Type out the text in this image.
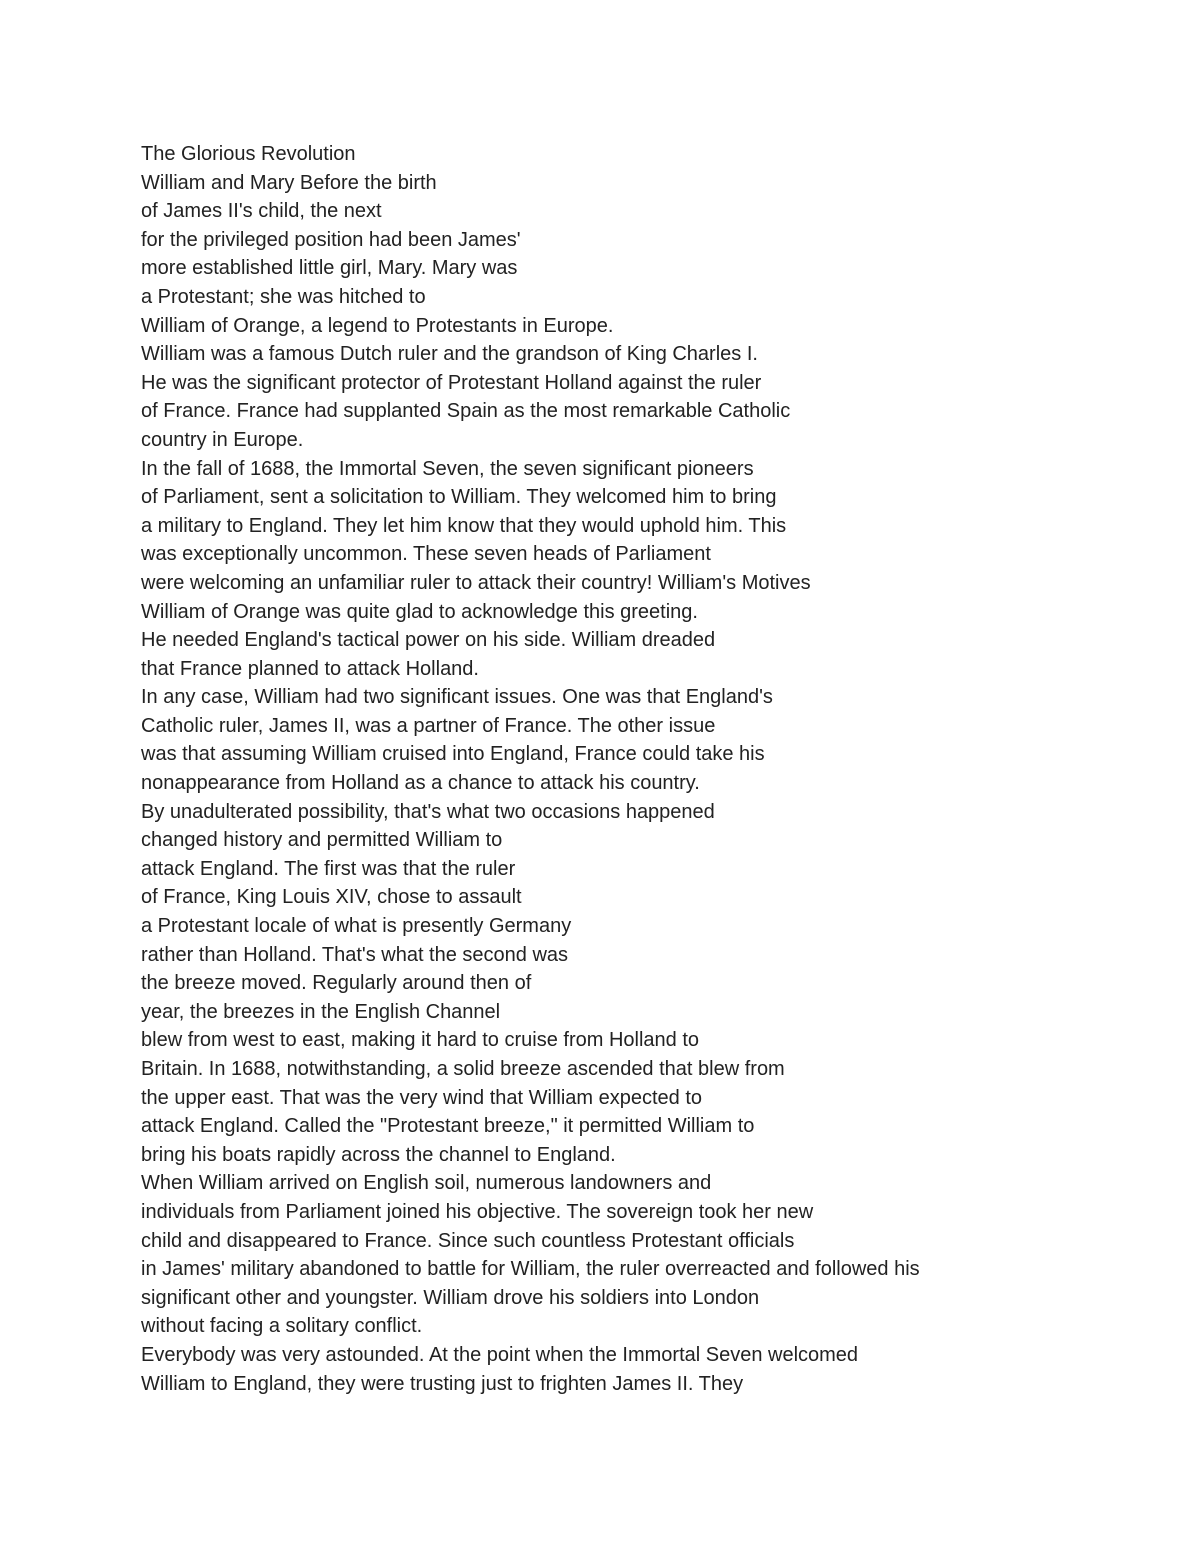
The Glorious Revolution
William and Mary Before the birth
of James II's child, the next
for the privileged position had been James'
more established little girl, Mary. Mary was
a Protestant; she was hitched to
William of Orange, a legend to Protestants in Europe.
William was a famous Dutch ruler and the grandson of King Charles I.
He was the significant protector of Protestant Holland against the ruler
of France. France had supplanted Spain as the most remarkable Catholic
country in Europe.
In the fall of 1688, the Immortal Seven, the seven significant pioneers
of Parliament, sent a solicitation to William. They welcomed him to bring
a military to England. They let him know that they would uphold him. This
was exceptionally uncommon. These seven heads of Parliament
were welcoming an unfamiliar ruler to attack their country! William's Motives
William of Orange was quite glad to acknowledge this greeting.
He needed England's tactical power on his side. William dreaded
that France planned to attack Holland.
In any case, William had two significant issues. One was that England's
Catholic ruler, James II, was a partner of France. The other issue
was that assuming William cruised into England, France could take his
nonappearance from Holland as a chance to attack his country.
By unadulterated possibility, that's what two occasions happened
changed history and permitted William to
attack England. The first was that the ruler
of France, King Louis XIV, chose to assault
a Protestant locale of what is presently Germany
rather than Holland. That's what the second was
the breeze moved. Regularly around then of
year, the breezes in the English Channel
blew from west to east, making it hard to cruise from Holland to
Britain. In 1688, notwithstanding, a solid breeze ascended that blew from
the upper east. That was the very wind that William expected to
attack England. Called the "Protestant breeze," it permitted William to
bring his boats rapidly across the channel to England.
When William arrived on English soil, numerous landowners and
individuals from Parliament joined his objective. The sovereign took her new
child and disappeared to France. Since such countless Protestant officials
in James' military abandoned to battle for William, the ruler overreacted and followed his
significant other and youngster. William drove his soldiers into London
without facing a solitary conflict.
Everybody was very astounded. At the point when the Immortal Seven welcomed
William to England, they were trusting just to frighten James II. They
